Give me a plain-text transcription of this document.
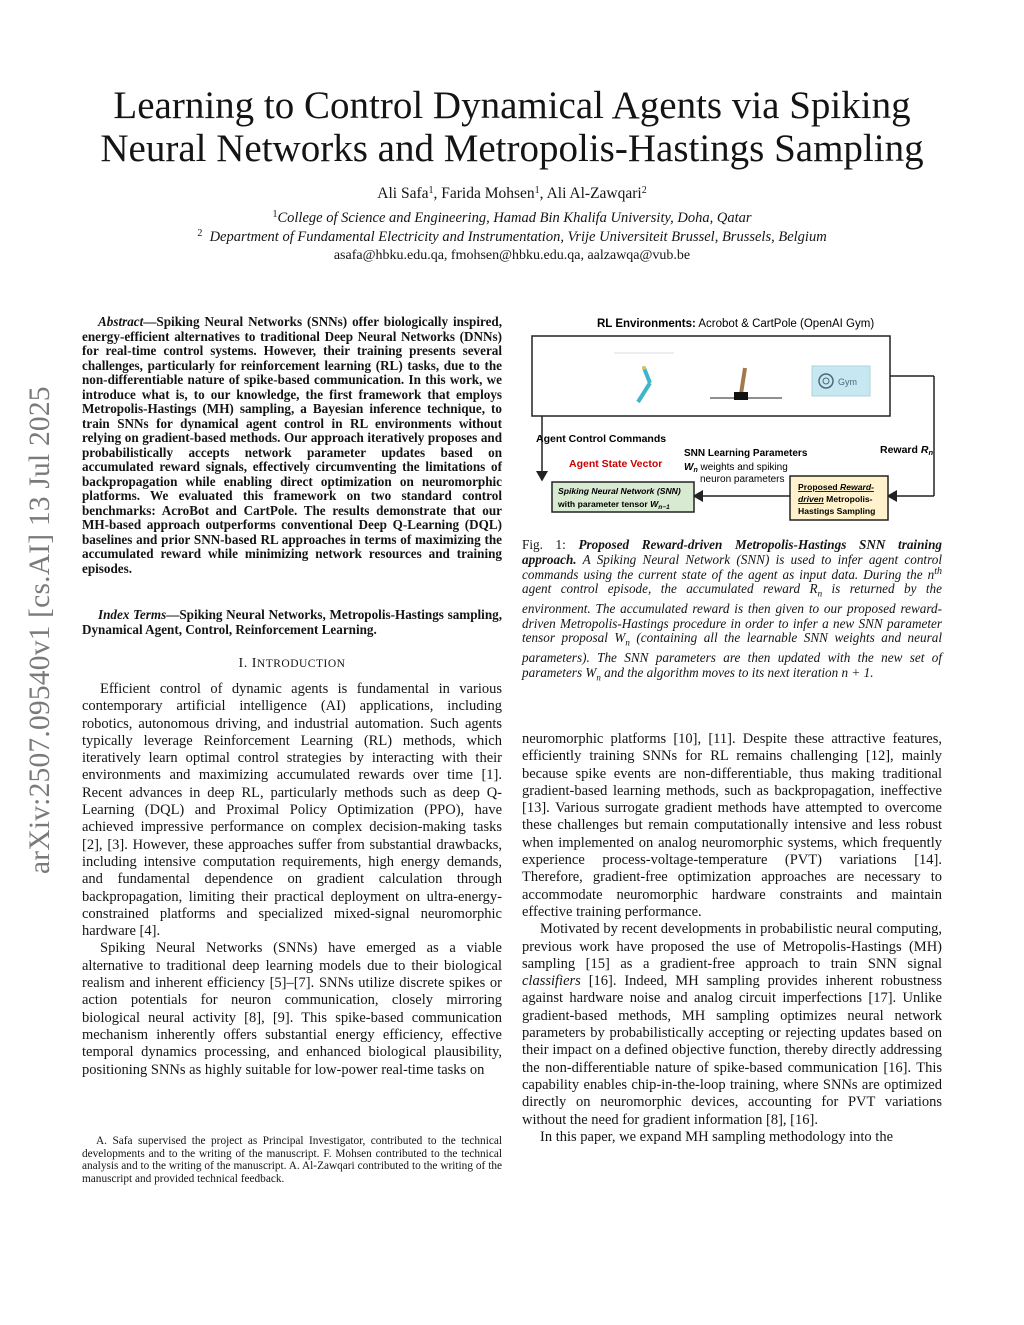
arXiv:2507.09540v1 [cs.AI] 13 Jul 2025
Learning to Control Dynamical Agents via Spiking
Neural Networks and Metropolis-Hastings Sampling
Ali Safa$^1$, Farida Mohsen$^1$, Ali Al-Zawqari$^2$
$^1$College of Science and Engineering, Hamad Bin Khalifa University, Doha, Qatar
$^2$ Department of Fundamental Electricity and Instrumentation, Vrije Universiteit Brussel, Brussels, Belgium
asafa@hbku.edu.qa, fmohsen@hbku.edu.qa, aalzawqa@vub.be
Abstract—Spiking Neural Networks (SNNs) offer biologically inspired, energy-efficient alternatives to traditional Deep Neural Networks (DNNs) for real-time control systems. However, their training presents several challenges, particularly for reinforcement learning (RL) tasks, due to the non-differentiable nature of spike-based communication. In this work, we introduce what is, to our knowledge, the first framework that employs Metropolis-Hastings (MH) sampling, a Bayesian inference technique, to train SNNs for dynamical agent control in RL environments without relying on gradient-based methods. Our approach iteratively proposes and probabilistically accepts network parameter updates based on accumulated reward signals, effectively circumventing the limitations of backpropagation while enabling direct optimization on neuromorphic platforms. We evaluated this framework on two standard control benchmarks: AcroBot and CartPole. The results demonstrate that our MH-based approach outperforms conventional Deep Q-Learning (DQL) baselines and prior SNN-based RL approaches in terms of maximizing the accumulated reward while minimizing network resources and training episodes.
Index Terms—Spiking Neural Networks, Metropolis-Hastings sampling, Dynamical Agent, Control, Reinforcement Learning.
I. INTRODUCTION

Efficient control of dynamic agents is fundamental in various contemporary artificial intelligence (AI) applications, including robotics, autonomous driving, and industrial automation. Such agents typically leverage Reinforcement Learning (RL) methods, which iteratively learn optimal control strategies by interacting with their environments and maximizing accumulated rewards over time [1]. Recent advances in deep RL, particularly methods such as deep Q-Learning (DQL) and Proximal Policy Optimization (PPO), have achieved impressive performance on complex decision-making tasks [2], [3]. However, these approaches suffer from substantial drawbacks, including intensive computation requirements, high energy demands, and fundamental dependence on gradient calculation through backpropagation, limiting their practical deployment on ultra-energy-constrained platforms and specialized mixed-signal neuromorphic hardware [4].

Spiking Neural Networks (SNNs) have emerged as a viable alternative to traditional deep learning models due to their biological realism and inherent efficiency [5]–[7]. SNNs utilize discrete spikes or action potentials for neuron communication, closely mirroring biological neural activity [8], [9]. This spike-based communication mechanism inherently offers substantial energy efficiency, effective temporal dynamics processing, and enhanced biological plausibility, positioning SNNs as highly suitable for low-power real-time tasks on

A. Safa supervised the project as Principal Investigator, contributed to the technical developments and to the writing of the manuscript. F. Mohsen contributed to the technical analysis and to the writing of the manuscript. A. Al-Zawqari contributed to the writing of the manuscript and provided technical feedback.
RL Environments: Acrobot & CartPole (OpenAI Gym)
Gym
Agent Control Commands
Agent State Vector
SNN Learning Parameters
$W_n$ weights and spiking
neuron parameters
Reward Rn
Spiking Neural Network (SNN)
with parameter tensor $W_{n-1}$
Proposed Reward-
driven Metropolis-
Hastings Sampling
Fig. 1: Proposed Reward-driven Metropolis-Hastings SNN training approach. A Spiking Neural Network (SNN) is used to infer agent control commands using the current state of the agent as input data. During the $n^{th}$ agent control episode, the accumulated reward $R_n$ is returned by the environment. The accumulated reward is then given to our proposed reward-driven Metropolis-Hastings procedure in order to infer a new SNN parameter tensor proposal $W_n$ (containing all the learnable SNN weights and neural parameters). The SNN parameters are then updated with the new set of parameters $W_n$ and the algorithm moves to its next iteration n + 1.

neuromorphic platforms [10], [11]. Despite these attractive features, efficiently training SNNs for RL remains challenging [12], mainly because spike events are non-differentiable, thus making traditional gradient-based learning methods, such as backpropagation, ineffective [13]. Various surrogate gradient methods have attempted to overcome these challenges but remain computationally intensive and less robust when implemented on analog neuromorphic systems, which frequently experience process-voltage-temperature (PVT) variations [14]. Therefore, gradient-free optimization approaches are necessary to accommodate neuromorphic hardware constraints and maintain effective training performance.

Motivated by recent developments in probabilistic neural computing, previous work have proposed the use of Metropolis-Hastings (MH) sampling [15] as a gradient-free approach to train SNN signal classifiers [16]. Indeed, MH sampling provides inherent robustness against hardware noise and analog circuit imperfections [17]. Unlike gradient-based methods, MH sampling optimizes neural network parameters by probabilistically accepting or rejecting updates based on their impact on a defined objective function, thereby directly addressing the non-differentiable nature of spike-based communication [16]. This capability enables chip-in-the-loop training, where SNNs are optimized directly on neuromorphic devices, accounting for PVT variations without the need for gradient information [8], [16].

In this paper, we expand MH sampling methodology into the
